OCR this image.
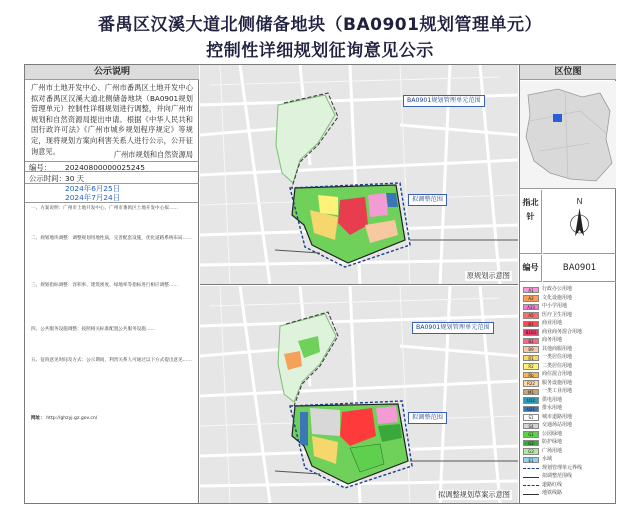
番禺区汉溪大道北侧储备地块（BA0901规划管理单元）
控制性详细规划征询意见公示
公示说明
广州市土地开发中心、广州市番禺区土地开发中心拟对番禺区汉溪大道北侧储备地块（BA0901规划管理单元）控制性详细规划进行调整，并向广州市规划和自然资源局提出申请。根据《中华人民共和国行政许可法》《广州市城乡规划程序规定》等规定，现将规划方案向利害关系人进行公示，公开征询意见。	广州市规划和自然资源局
编号： 20240800000025245
公示时间： 30 天
2024年6月25日
2024年7月24日

一、方案说明：广州市土地开发中心、广州市番禺区土地开发中心拟……

二、规划地块调整：调整规划用地性质，完善配套设施，优化道路系统布局……

三、规划指标调整：容积率、建筑密度、绿地率等指标进行相应调整……

四、公共服务设施调整：按照相关标准配置公共服务设施……

五、征询意见时间及方式：公示期间，利害关系人可通过以下方式提出意见……

网址： http://ghzyj.gz.gov.cn/

BA0901规划管理单元范围
拟调整范围
原规划示意图
BA0901规划管理单元范围
拟调整范围
拟调整规划草案示意图
区位图
指北针
N
编号	BA0901
A1	行政办公用地
A2	文化设施用地
A33	中小学用地
A5	医疗卫生用地
B1	商业用地
B1B2	商业商务混合用地
B2	商务用地
B9	其他商服用地
R1	一类居住用地
R2	二类居住用地
Rb	商住混合用地
R22	服务设施用地
M1	一类工业用地
U12	供电用地
U21	排水用地
S1	城市道路用地
S4	交通场站用地
G1	公园绿地
G2	防护绿地
G3	广场用地
E1	水域
规划管理单元界线
拟调整范围线
道路红线
地铁线路
